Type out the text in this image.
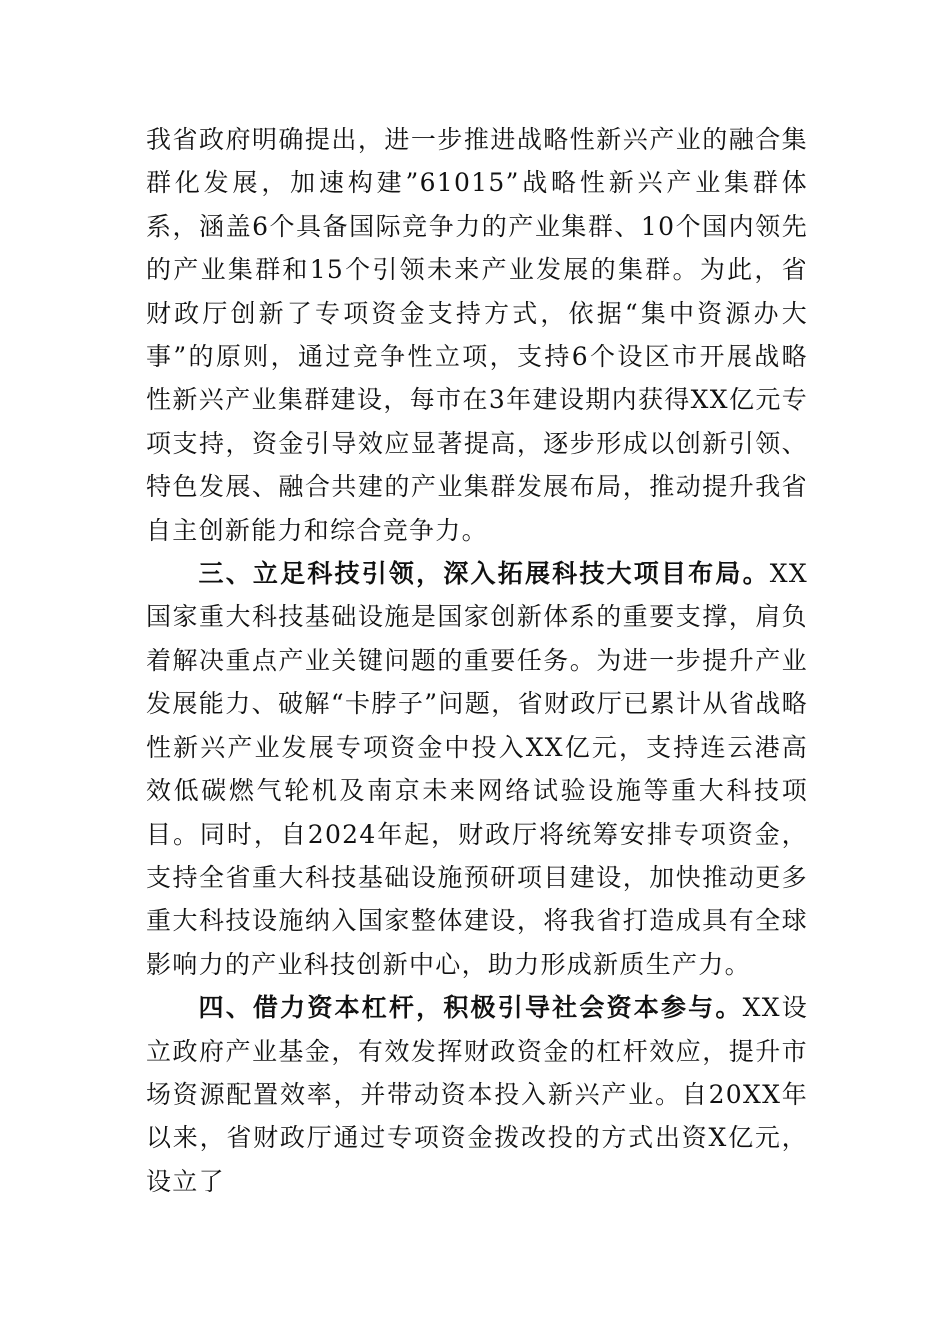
我省政府明确提出，进一步推进战略性新兴产业的融合集群化发展，加速构建”61015”战略性新兴产业集群体系，涵盖6个具备国际竞争力的产业集群、10个国内领先的产业集群和15个引领未来产业发展的集群。为此，省财政厅创新了专项资金支持方式，依据“集中资源办大事”的原则，通过竞争性立项，支持6个设区市开展战略性新兴产业集群建设，每市在3年建设期内获得XX亿元专项支持，资金引导效应显著提高，逐步形成以创新引领、特色发展、融合共建的产业集群发展布局，推动提升我省自主创新能力和综合竞争力。

三、立足科技引领，深入拓展科技大项目布局。XX国家重大科技基础设施是国家创新体系的重要支撑，肩负着解决重点产业关键问题的重要任务。为进一步提升产业发展能力、破解“卡脖子”问题，省财政厅已累计从省战略性新兴产业发展专项资金中投入XX亿元，支持连云港高效低碳燃气轮机及南京未来网络试验设施等重大科技项目。同时，自2024年起，财政厅将统筹安排专项资金，支持全省重大科技基础设施预研项目建设，加快推动更多重大科技设施纳入国家整体建设，将我省打造成具有全球影响力的产业科技创新中心，助力形成新质生产力。

四、借力资本杠杆，积极引导社会资本参与。XX设立政府产业基金，有效发挥财政资金的杠杆效应，提升市场资源配置效率，并带动资本投入新兴产业。自20XX年以来，省财政厅通过专项资金拨改投的方式出资X亿元，设立了
